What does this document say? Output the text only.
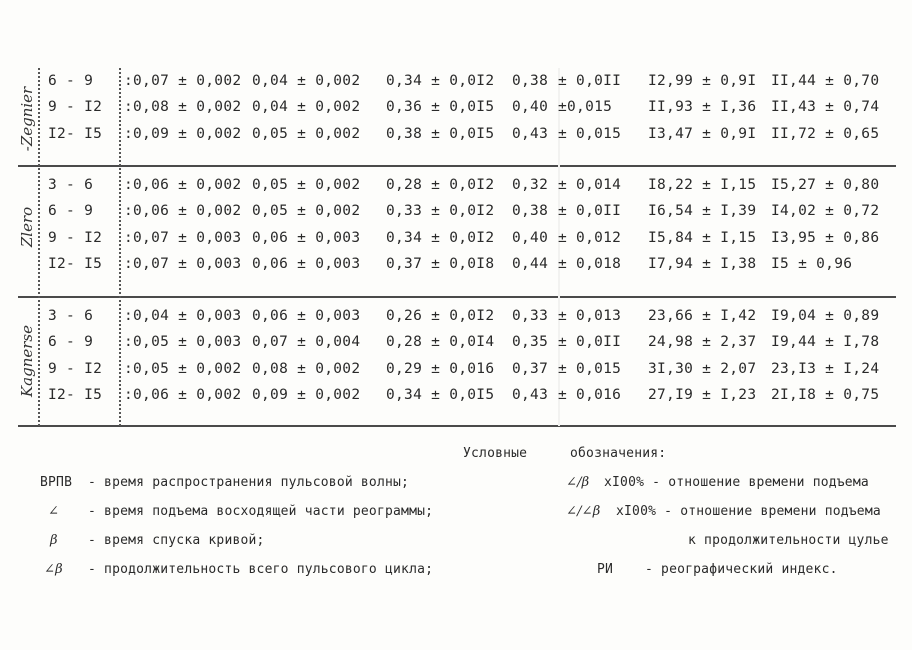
-Zegnier
Zlero
Kagnerse
6 - 9 :0,07 ± 0,002 0,04 ± 0,002 0,34 ± 0,0I2 0,38 ± 0,0II I2,99 ± 0,9I II,44 ± 0,70
9 - I2 :0,08 ± 0,002 0,04 ± 0,002 0,36 ± 0,0I5 0,40 ±0,015 II,93 ± I,36 II,43 ± 0,74
I2- I5 :0,09 ± 0,002 0,05 ± 0,002 0,38 ± 0,0I5 0,43 ± 0,015 I3,47 ± 0,9I II,72 ± 0,65
3 - 6 :0,06 ± 0,002 0,05 ± 0,002 0,28 ± 0,0I2 0,32 ± 0,014 I8,22 ± I,15 I5,27 ± 0,80
6 - 9 :0,06 ± 0,002 0,05 ± 0,002 0,33 ± 0,0I2 0,38 ± 0,0II I6,54 ± I,39 I4,02 ± 0,72
9 - I2 :0,07 ± 0,003 0,06 ± 0,003 0,34 ± 0,0I2 0,40 ± 0,012 I5,84 ± I,15 I3,95 ± 0,86
I2- I5 :0,07 ± 0,003 0,06 ± 0,003 0,37 ± 0,0I8 0,44 ± 0,018 I7,94 ± I,38 I5 ± 0,96
3 - 6 :0,04 ± 0,003 0,06 ± 0,003 0,26 ± 0,0I2 0,33 ± 0,013 23,66 ± I,42 I9,04 ± 0,89
6 - 9 :0,05 ± 0,003 0,07 ± 0,004 0,28 ± 0,0I4 0,35 ± 0,0II 24,98 ± 2,37 I9,44 ± I,78
9 - I2 :0,05 ± 0,002 0,08 ± 0,002 0,29 ± 0,016 0,37 ± 0,015 3I,30 ± 2,07 23,I3 ± I,24
I2- I5 :0,06 ± 0,002 0,09 ± 0,002 0,34 ± 0,0I5 0,43 ± 0,016 27,I9 ± I,23 2I,I8 ± 0,75
Условные	обозначения:
ВРПВ - время распространения пульсовой волны;
∠ - время подъема восходящей части реограммы;
β - время спуска кривой;
∠β - продолжительность всего пульсового цикла;
∠/β хI00% - отношение времени подъема
∠/∠β хI00% - отношение времени подъема
к продолжительности цулье
РИ - реографический индекс.
